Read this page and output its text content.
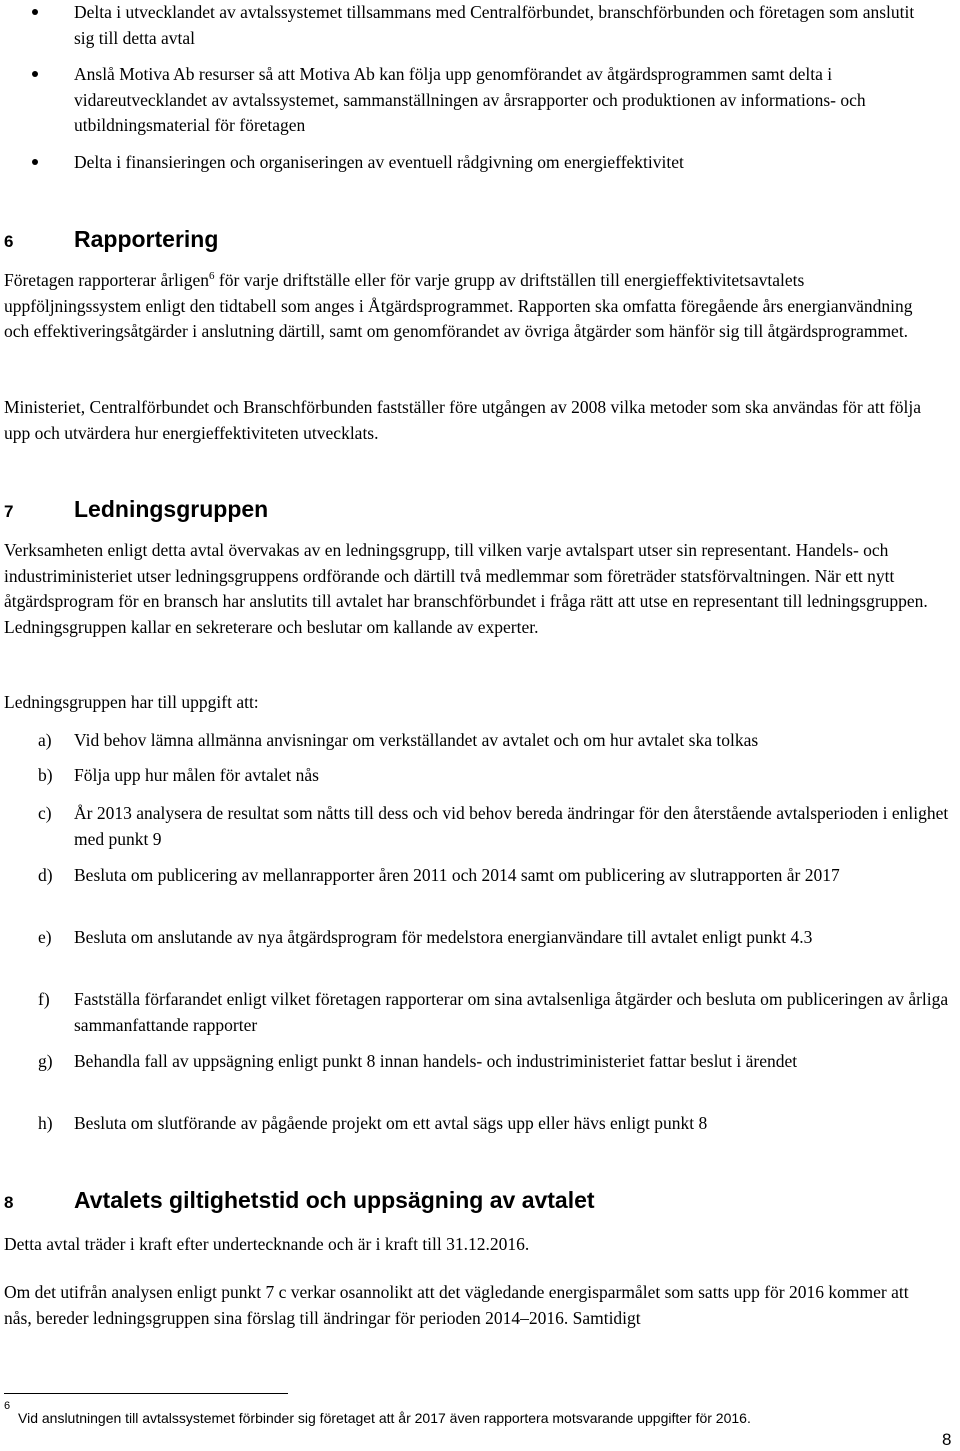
Delta i utvecklandet av avtalssystemet tillsammans med Centralförbundet, branschförbunden och företagen som anslutit sig till detta avtal
Anslå Motiva Ab resurser så att Motiva Ab kan följa upp genomförandet av åtgärdsprogrammen samt delta i vidareutvecklandet av avtalssystemet, sammanställningen av årsrapporter och produktionen av informations- och utbildningsmaterial för företagen
Delta i finansieringen och organiseringen av eventuell rådgivning om energieffektivitet
6	Rapportering
Företagen rapporterar årligen$^6$ för varje driftställe eller för varje grupp av driftställen till energieffektivitetsavtalets uppföljningssystem enligt den tidtabell som anges i Åtgärdsprogrammet. Rapporten ska omfatta föregående års energianvändning och effektiveringsåtgärder i anslutning därtill, samt om genomförandet av övriga åtgärder som hänför sig till åtgärdsprogrammet.
Ministeriet, Centralförbundet och Branschförbunden fastställer före utgången av 2008 vilka metoder som ska användas för att följa upp och utvärdera hur energieffektiviteten utvecklats.
7	Ledningsgruppen
Verksamheten enligt detta avtal övervakas av en ledningsgrupp, till vilken varje avtalspart utser sin representant. Handels- och industriministeriet utser ledningsgruppens ordförande och därtill två medlemmar som företräder statsförvaltningen. När ett nytt åtgärdsprogram för en bransch har anslutits till avtalet har branschförbundet i fråga rätt att utse en representant till ledningsgruppen. Ledningsgruppen kallar en sekreterare och beslutar om kallande av experter.
Ledningsgruppen har till uppgift att:
a) Vid behov lämna allmänna anvisningar om verkställandet av avtalet och om hur avtalet ska tolkas
b) Följa upp hur målen för avtalet nås
c) År 2013 analysera de resultat som nåtts till dess och vid behov bereda ändringar för den återstående avtalsperioden i enlighet med punkt 9
d) Besluta om publicering av mellanrapporter åren 2011 och 2014 samt om publicering av slutrapporten år 2017
e) Besluta om anslutande av nya åtgärdsprogram för medelstora energianvändare till avtalet enligt punkt 4.3
f) Fastställa förfarandet enligt vilket företagen rapporterar om sina avtalsenliga åtgärder och besluta om publiceringen av årliga sammanfattande rapporter
g) Behandla fall av uppsägning enligt punkt 8 innan handels- och industriministeriet fattar beslut i ärendet
h) Besluta om slutförande av pågående projekt om ett avtal sägs upp eller hävs enligt punkt 8
8	Avtalets giltighetstid och uppsägning av avtalet
Detta avtal träder i kraft efter undertecknande och är i kraft till 31.12.2016.
Om det utifrån analysen enligt punkt 7 c verkar osannolikt att det vägledande energisparmålet som satts upp för 2016 kommer att nås, bereder ledningsgruppen sina förslag till ändringar för perioden 2014–2016. Samtidigt
6
Vid anslutningen till avtalssystemet förbinder sig företaget att år 2017 även rapportera motsvarande uppgifter för 2016.
8
